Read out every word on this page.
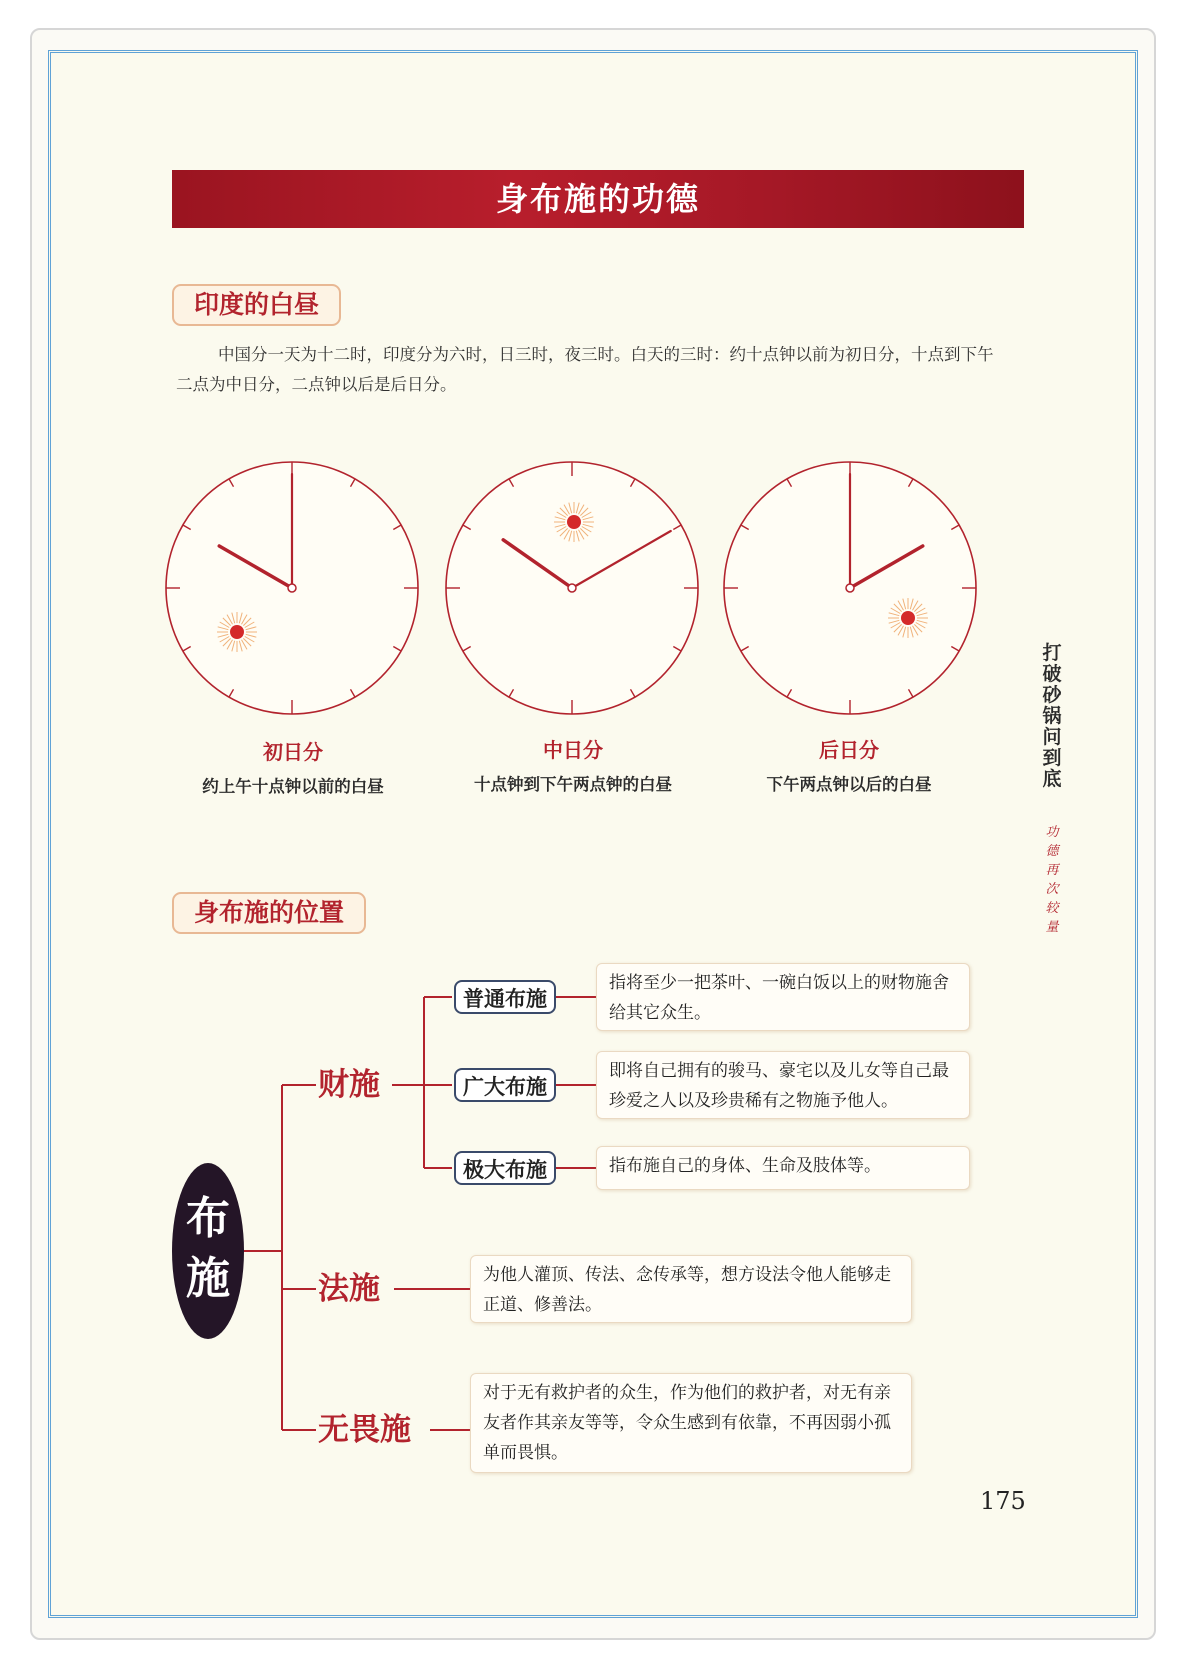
身布施的功德
印度的白昼
中国分一天为十二时，印度分为六时，日三时，夜三时。白天的三时：约十点钟以前为初日分，十点到下午二点为中日分，二点钟以后是后日分。
初日分
约上午十点钟以前的白昼
中日分
十点钟到下午两点钟的白昼
后日分
下午两点钟以后的白昼
打破砂锅问到底
功德再次较量
身布施的位置
布施
财施
法施
无畏施
普通布施
广大布施
极大布施
指将至少一把茶叶、一碗白饭以上的财物施舍给其它众生。
即将自己拥有的骏马、豪宅以及儿女等自己最珍爱之人以及珍贵稀有之物施予他人。
指布施自己的身体、生命及肢体等。
为他人灌顶、传法、念传承等，想方设法令他人能够走正道、修善法。
对于无有救护者的众生，作为他们的救护者，对无有亲友者作其亲友等等，令众生感到有依靠，不再因弱小孤单而畏惧。
175
